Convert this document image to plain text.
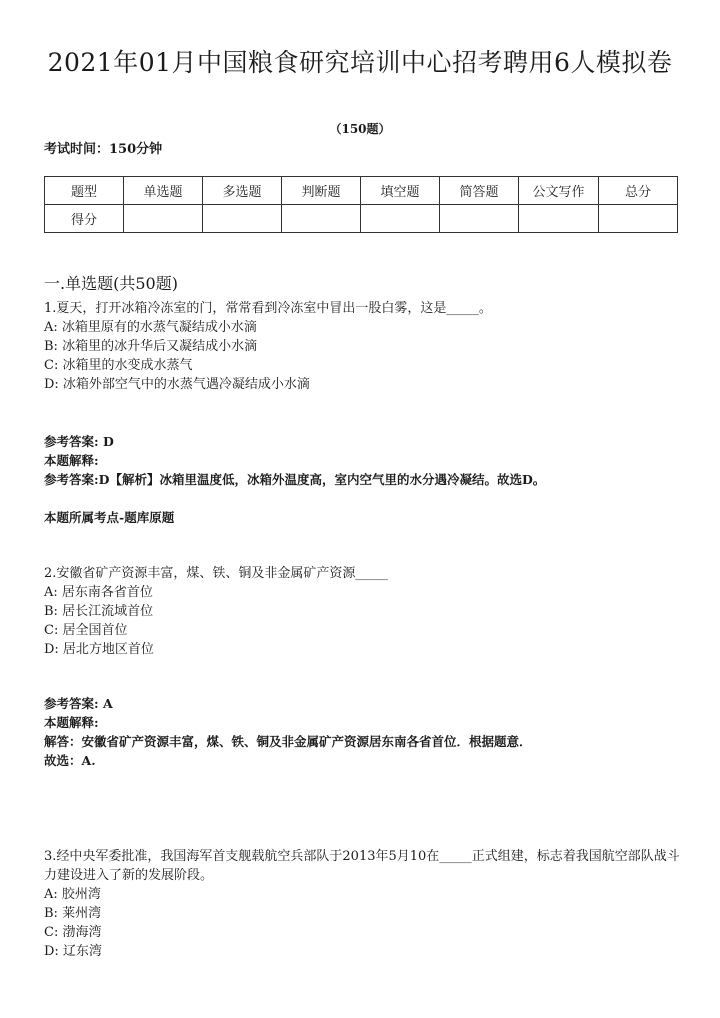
2021年01月中国粮食研究培训中心招考聘用6人模拟卷
（150题）
考试时间：150分钟
题型	单选题	多选题	判断题	填空题	简答题	公文写作	总分
得分							
一.单选题(共50题)
1.夏天，打开冰箱冷冻室的门，常常看到冷冻室中冒出一股白雾，这是_____。
A: 冰箱里原有的水蒸气凝结成小水滴
B: 冰箱里的冰升华后又凝结成小水滴
C: 冰箱里的水变成水蒸气
D: 冰箱外部空气中的水蒸气遇冷凝结成小水滴
参考答案: D
本题解释:
参考答案:D【解析】冰箱里温度低，冰箱外温度高，室内空气里的水分遇冷凝结。故选D。

本题所属考点-题库原题
2.安徽省矿产资源丰富，煤、铁、铜及非金属矿产资源_____
A: 居东南各省首位
B: 居长江流域首位
C: 居全国首位
D: 居北方地区首位
参考答案: A
本题解释:
解答：安徽省矿产资源丰富，煤、铁、铜及非金属矿产资源居东南各省首位．根据题意．
故选：A.
3.经中央军委批准，我国海军首支舰载航空兵部队于2013年5月10在_____正式组建，标志着我国航空部队战斗力建设进入了新的发展阶段。
A: 胶州湾
B: 莱州湾
C: 渤海湾
D: 辽东湾
